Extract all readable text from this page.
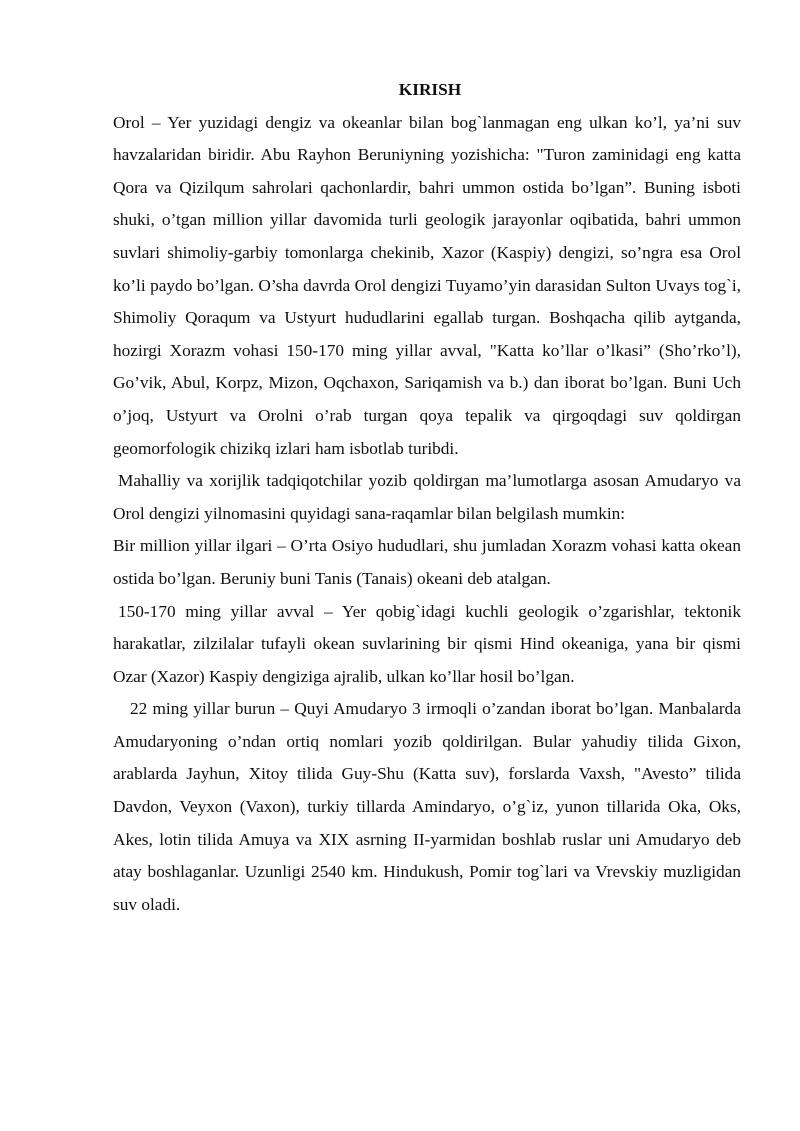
KIRISH

Orol – Yer yuzidagi dengiz va okeanlar bilan bog`lanmagan eng ulkan ko’l, ya’ni suv havzalaridan biridir. Abu Rayhon Beruniyning yozishicha: "Turon zaminidagi eng katta Qora va Qizilqum sahrolari qachonlardir, bahri ummon ostida bo’lgan”. Buning isboti shuki, o’tgan million yillar davomida turli geologik jarayonlar oqibatida, bahri ummon suvlari shimoliy-garbiy tomonlarga chekinib, Xazor (Kaspiy) dengizi, so’ngra esa Orol ko’li paydo bo’lgan. O’sha davrda Orol dengizi Tuyamo’yin darasidan Sulton Uvays tog`i, Shimoliy Qoraqum va Ustyurt hududlarini egallab turgan. Boshqacha qilib aytganda, hozirgi Xorazm vohasi 150-170 ming yillar avval, "Katta ko’llar o’lkasi” (Sho’rko’l), Go’vik, Abul, Korpz, Mizon, Oqchaxon, Sariqamish va b.) dan iborat bo’lgan. Buni Uch o’joq, Ustyurt va Orolni o’rab turgan qoya tepalik va qirgoqdagi suv qoldirgan geomorfologik chizikq izlari ham isbotlab turibdi.

Mahalliy va xorijlik tadqiqotchilar yozib qoldirgan ma’lumotlarga asosan Amudaryo va Orol dengizi yilnomasini quyidagi sana-raqamlar bilan belgilash mumkin:

Bir million yillar ilgari – O’rta Osiyo hududlari, shu jumladan Xorazm vohasi katta okean ostida bo’lgan. Beruniy buni Tanis (Tanais) okeani deb atalgan.

150-170 ming yillar avval – Yer qobig`idagi kuchli geologik o’zgarishlar, tektonik harakatlar, zilzilalar tufayli okean suvlarining bir qismi Hind okeaniga, yana bir qismi Ozar (Xazor) Kaspiy dengiziga ajralib, ulkan ko’llar hosil bo’lgan.

22 ming yillar burun – Quyi Amudaryo 3 irmoqli o’zandan iborat bo’lgan. Manbalarda Amudaryoning o’ndan ortiq nomlari yozib qoldirilgan. Bular yahudiy tilida Gixon, arablarda Jayhun, Xitoy tilida Guy-Shu (Katta suv), forslarda Vaxsh, "Avesto” tilida Davdon, Veyxon (Vaxon), turkiy tillarda Amindaryo, o’g`iz, yunon tillarida Oka, Oks, Akes, lotin tilida Amuya va XIX asrning II-yarmidan boshlab ruslar uni Amudaryo deb atay boshlaganlar. Uzunligi 2540 km. Hindukush, Pomir tog`lari va Vrevskiy muzligidan suv oladi.
